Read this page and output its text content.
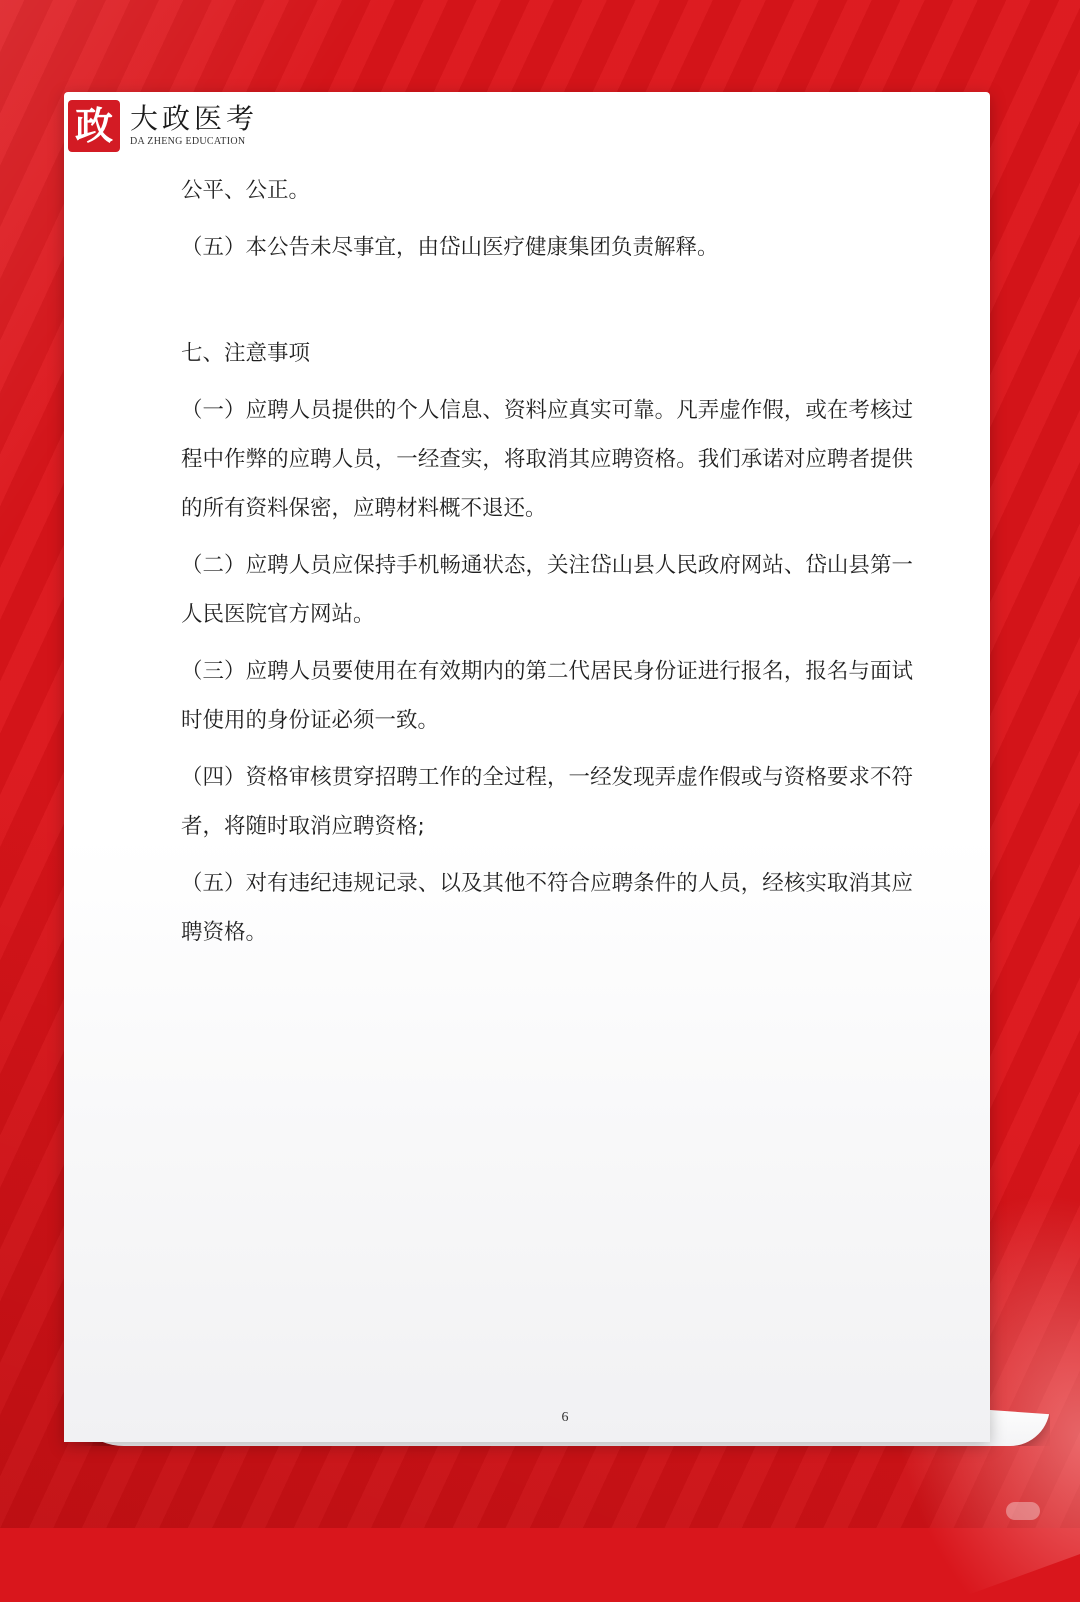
政 大政医考
DA ZHENG EDUCATION

公平、公正。

（五）本公告未尽事宜，由岱山医疗健康集团负责解释。

七、注意事项

（一）应聘人员提供的个人信息、资料应真实可靠。凡弄虚作假，或在考核过程中作弊的应聘人员，一经查实，将取消其应聘资格。我们承诺对应聘者提供的所有资料保密，应聘材料概不退还。

（二）应聘人员应保持手机畅通状态，关注岱山县人民政府网站、岱山县第一人民医院官方网站。

（三）应聘人员要使用在有效期内的第二代居民身份证进行报名，报名与面试时使用的身份证必须一致。

（四）资格审核贯穿招聘工作的全过程，一经发现弄虚作假或与资格要求不符者，将随时取消应聘资格;

（五）对有违纪违规记录、以及其他不符合应聘条件的人员，经核实取消其应聘资格。

6
